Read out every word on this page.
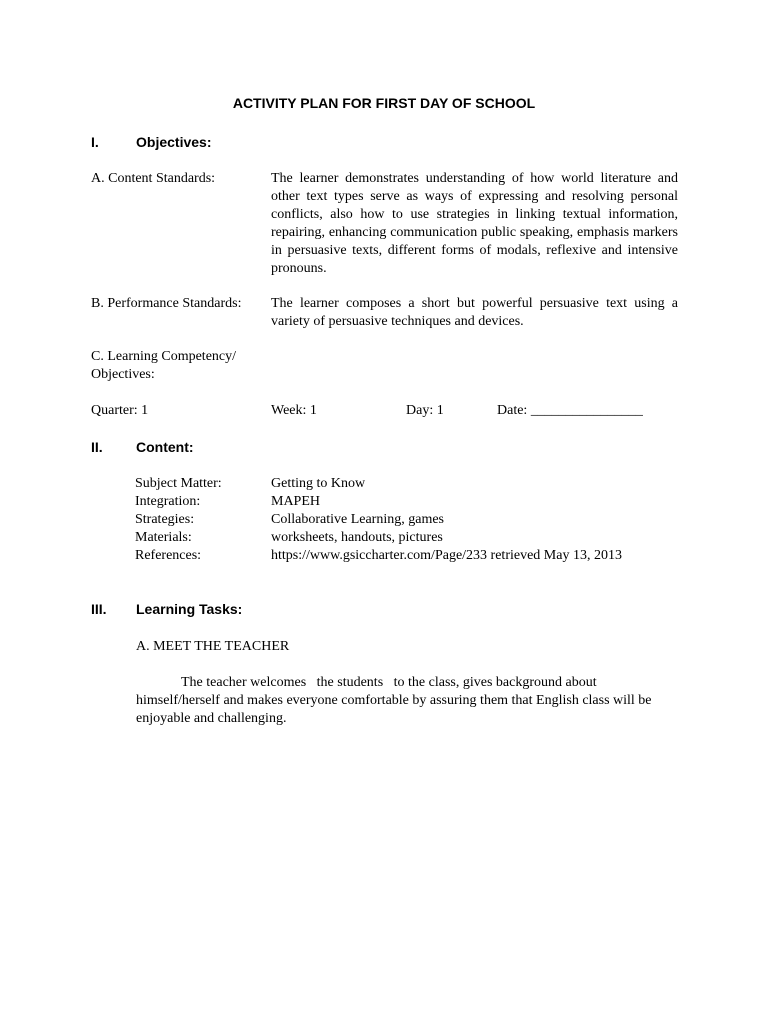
ACTIVITY PLAN FOR FIRST DAY OF SCHOOL
I.	Objectives:
A. Content Standards:	The learner demonstrates understanding of how world literature and other text types serve as ways of expressing and resolving personal conflicts, also how to use strategies in linking textual information, repairing, enhancing communication public speaking, emphasis markers in persuasive texts, different forms of modals, reflexive and intensive pronouns.
B. Performance Standards: The learner composes a short but powerful persuasive text using a variety of persuasive techniques and devices.
C. Learning Competency/
Objectives:
Quarter: 1	Week: 1	Day: 1	Date: ________________
II. Content:
Subject Matter:	Getting to Know
Integration:	MAPEH
Strategies:	Collaborative Learning, games
Materials:	worksheets, handouts, pictures
References:	https://www.gsiccharter.com/Page/233 retrieved May 13, 2013
III. Learning Tasks:
A. MEET THE TEACHER
The teacher welcomes   the students   to the class, gives background about himself/herself and makes everyone comfortable by assuring them that English class will be enjoyable and challenging.
